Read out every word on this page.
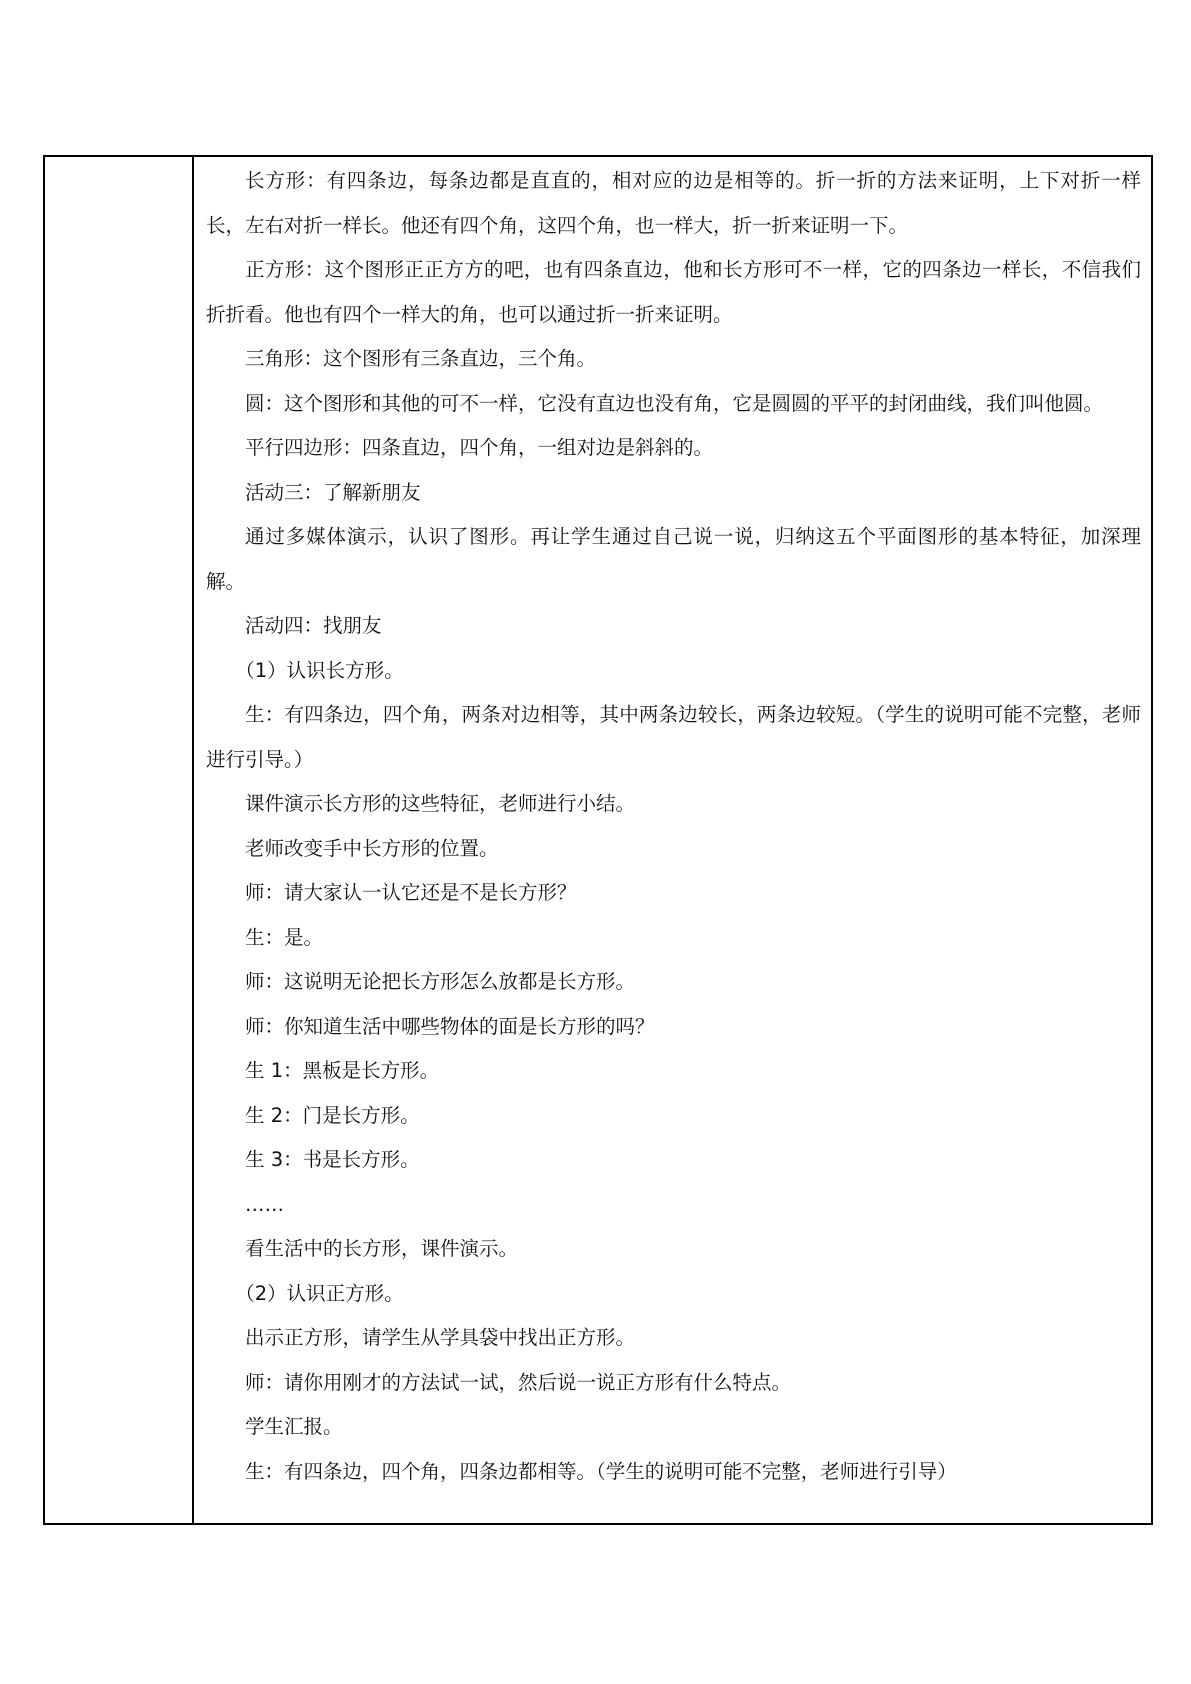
长方形：有四条边，每条边都是直直的，相对应的边是相等的。折一折的方法来证明，上下对折一样长，左右对折一样长。他还有四个角，这四个角，也一样大，折一折来证明一下。

正方形：这个图形正正方方的吧，也有四条直边，他和长方形可不一样，它的四条边一样长，不信我们折折看。他也有四个一样大的角，也可以通过折一折来证明。

三角形：这个图形有三条直边，三个角。

圆：这个图形和其他的可不一样，它没有直边也没有角，它是圆圆的平平的封闭曲线，我们叫他圆。

平行四边形：四条直边，四个角，一组对边是斜斜的。

活动三：了解新朋友

通过多媒体演示，认识了图形。再让学生通过自己说一说，归纳这五个平面图形的基本特征，加深理解。

活动四：找朋友

（1）认识长方形。

生：有四条边，四个角，两条对边相等，其中两条边较长，两条边较短。（学生的说明可能不完整，老师进行引导。）

课件演示长方形的这些特征，老师进行小结。

老师改变手中长方形的位置。

师：请大家认一认它还是不是长方形？

生：是。

师：这说明无论把长方形怎么放都是长方形。

师：你知道生活中哪些物体的面是长方形的吗？

生 1：黑板是长方形。

生 2：门是长方形。

生 3：书是长方形。

……

看生活中的长方形，课件演示。

（2）认识正方形。

出示正方形，请学生从学具袋中找出正方形。

师：请你用刚才的方法试一试，然后说一说正方形有什么特点。

学生汇报。

生：有四条边，四个角，四条边都相等。（学生的说明可能不完整，老师进行引导）
